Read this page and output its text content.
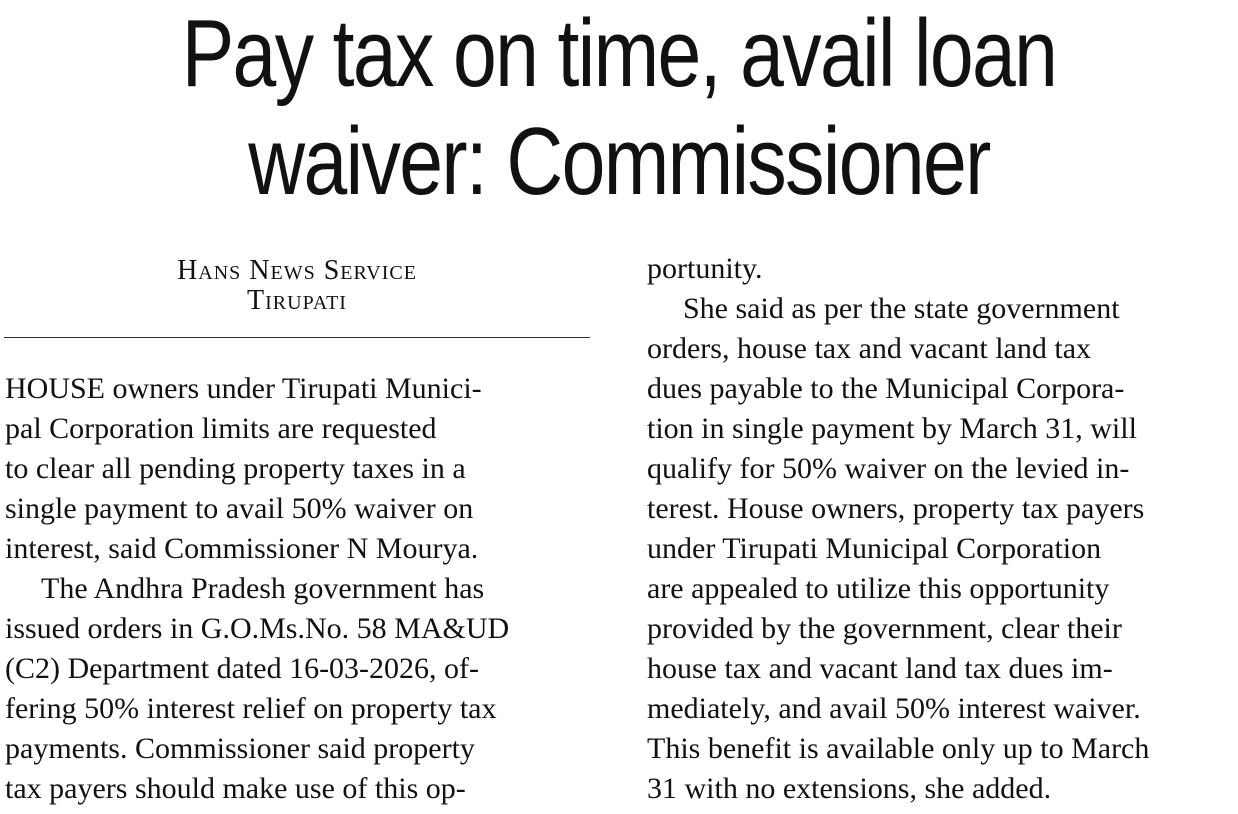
Pay tax on time, avail loan
waiver: Commissioner
Hans News Service
Tirupati
HOUSE owners under Tirupati Munici-
pal Corporation limits are requested
to clear all pending property taxes in a
single payment to avail 50% waiver on
interest, said Commissioner N Mourya.
The Andhra Pradesh government has
issued orders in G.O.Ms.No. 58 MA&UD
(C2) Department dated 16-03-2026, of-
fering 50% interest relief on property tax
payments. Commissioner said property
tax payers should make use of this op-
portunity.
She said as per the state government
orders, house tax and vacant land tax
dues payable to the Municipal Corpora-
tion in single payment by March 31, will
qualify for 50% waiver on the levied in-
terest. House owners, property tax payers
under Tirupati Municipal Corporation
are appealed to utilize this opportunity
provided by the government, clear their
house tax and vacant land tax dues im-
mediately, and avail 50% interest waiver.
This benefit is available only up to March
31 with no extensions, she added.
